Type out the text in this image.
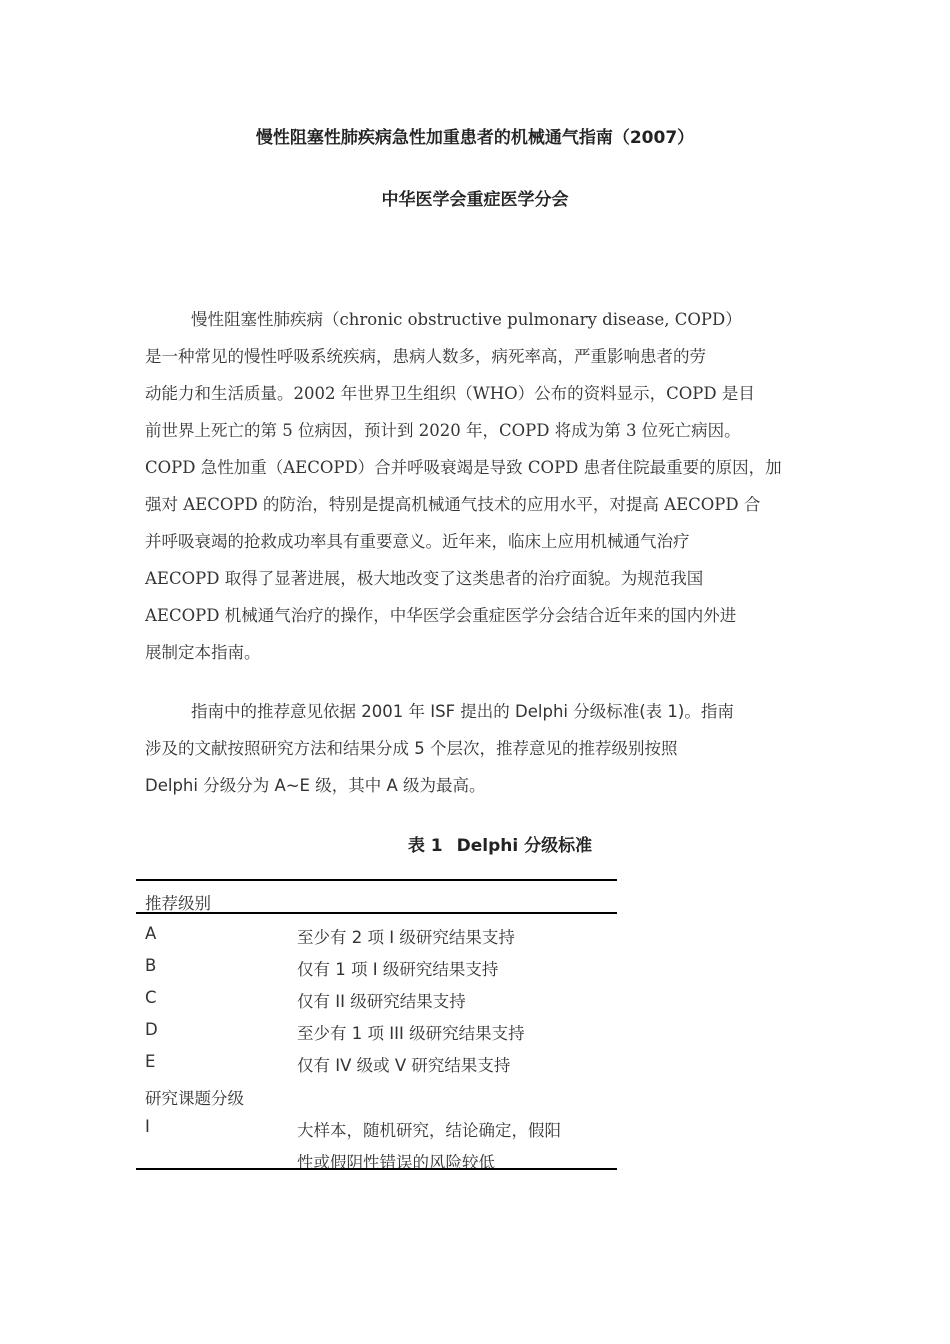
慢性阻塞性肺疾病急性加重患者的机械通气指南（2007）
中华医学会重症医学分会
慢性阻塞性肺疾病（chronic obstructive pulmonary disease, COPD）
是一种常见的慢性呼吸系统疾病，患病人数多，病死率高，严重影响患者的劳
动能力和生活质量。2002 年世界卫生组织（WHO）公布的资料显示，COPD 是目
前世界上死亡的第 5 位病因，预计到 2020 年，COPD 将成为第 3 位死亡病因。
COPD 急性加重（AECOPD）合并呼吸衰竭是导致 COPD 患者住院最重要的原因，加
强对 AECOPD 的防治，特别是提高机械通气技术的应用水平，对提高 AECOPD 合
并呼吸衰竭的抢救成功率具有重要意义。近年来，临床上应用机械通气治疗
AECOPD 取得了显著进展，极大地改变了这类患者的治疗面貌。为规范我国
AECOPD 机械通气治疗的操作，中华医学会重症医学分会结合近年来的国内外进
展制定本指南。
指南中的推荐意见依据 2001 年 ISF 提出的 Delphi 分级标准(表 1)。指南
涉及的文献按照研究方法和结果分成 5 个层次，推荐意见的推荐级别按照
Delphi 分级分为 A~E 级，其中 A 级为最高。
表 1 Delphi 分级标准
推荐级别
A	至少有 2 项 I 级研究结果支持
B	仅有 1 项 I 级研究结果支持
C	仅有 II 级研究结果支持
D	至少有 1 项 III 级研究结果支持
E	仅有 IV 级或 V 研究结果支持
研究课题分级
I	大样本，随机研究，结论确定，假阳
性或假阴性错误的风险较低
